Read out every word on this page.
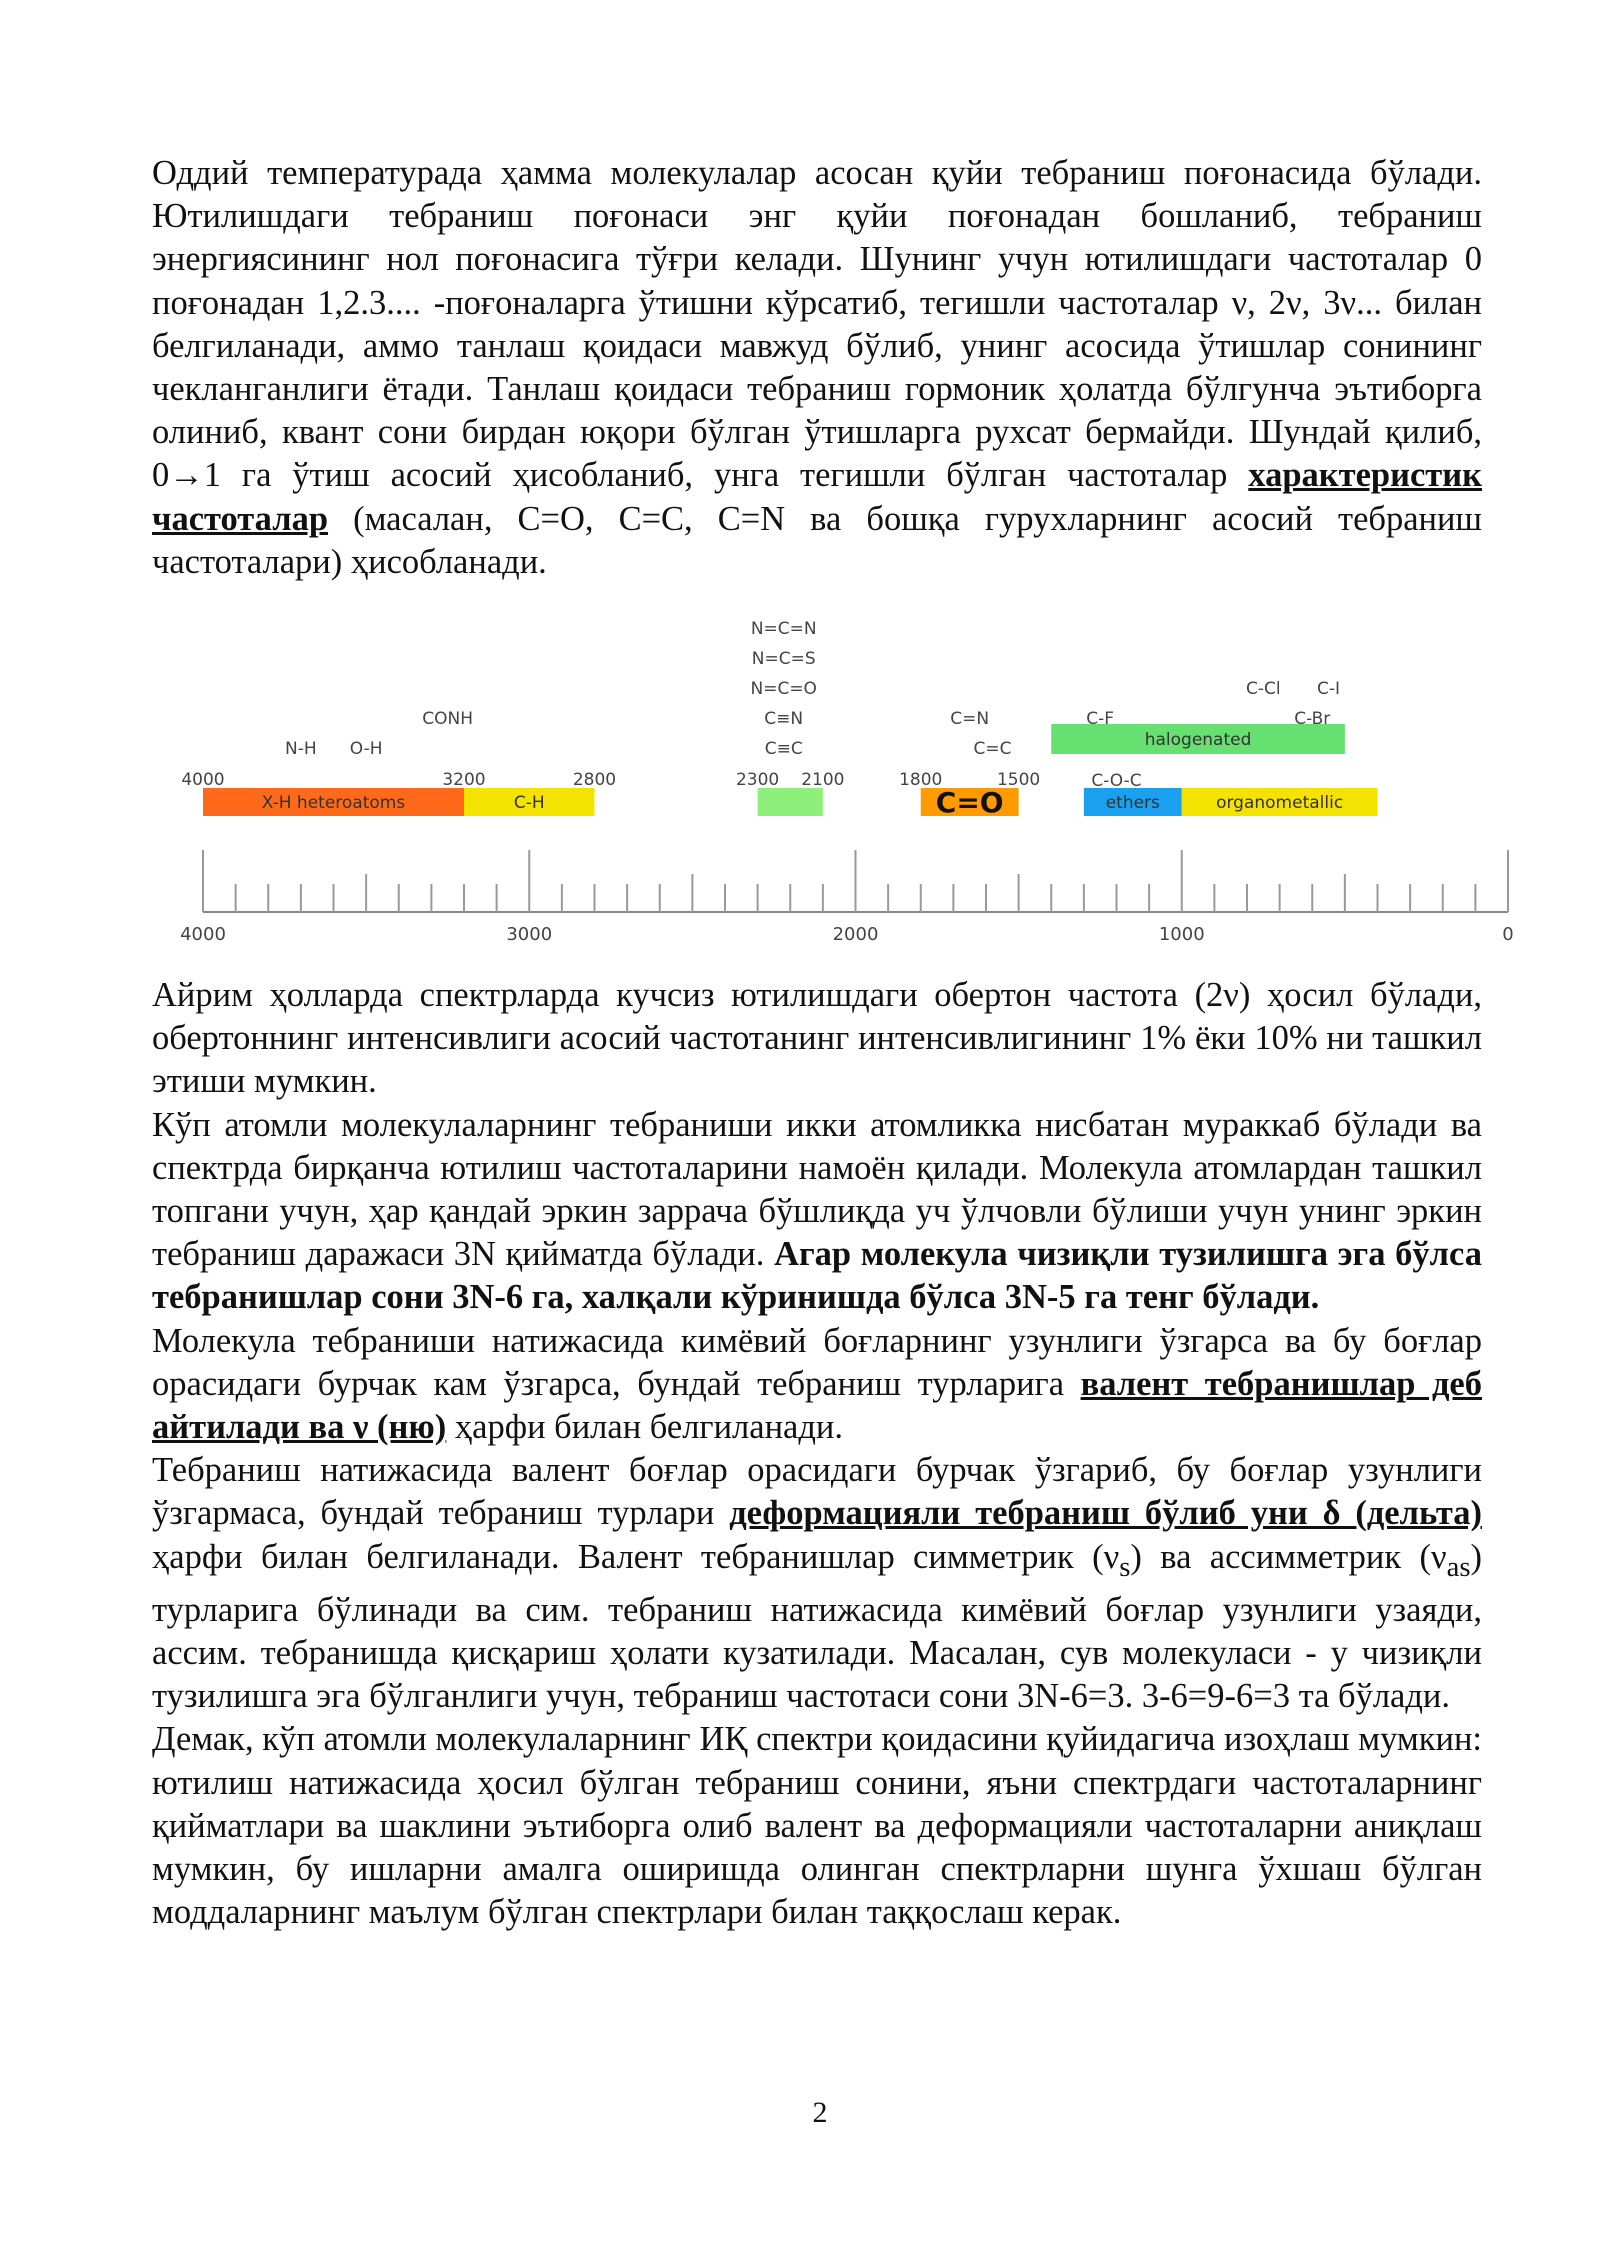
Оддий температурада ҳамма молекулалар асосан қуйи тебраниш поғонасида бўлади. Ютилишдаги тебраниш поғонаси энг қуйи поғонадан бошланиб, тебраниш энергиясининг нол поғонасига тўғри келади. Шунинг учун ютилишдаги частоталар 0 поғонадан 1,2.3.... -поғоналарга ўтишни кўрсатиб, тегишли частоталар ν, 2ν, 3ν... билан белгиланади, аммо танлаш қоидаси мавжуд бўлиб, унинг асосида ўтишлар сонининг чекланганлиги ётади. Танлаш қоидаси тебраниш гормоник ҳолатда бўлгунча эътиборга олиниб, квант сони бирдан юқори бўлган ўтишларга рухсат бермайди. Шундай қилиб, 0→1 га ўтиш асосий ҳисобланиб, унга тегишли бўлган частоталар характеристик частоталар (масалан, C=O, C=C, C=N ва бошқа гурухларнинг асосий тебраниш частоталари) ҳисобланади.

X-H heteroatoms	C-H	C=O
halogenated
ethers	organometallic
4000	3200	2800	2300 2100	1800	1500
N-H O-H
CONH
N=C=N
N=C=S
N=C=O
C≡N
C≡C
C=N
C=C
C-F
C-Cl C-I
C-Br
C-O-C
4000	3000	2000	1000	0

Айрим ҳолларда спектрларда кучсиз ютилишдаги обертон частота (2ν) ҳосил бўлади, обертоннинг интенсивлиги асосий частотанинг интенсивлигининг 1% ёки 10% ни ташкил этиши мумкин.

Кўп атомли молекулаларнинг тебраниши икки атомликка нисбатан мураккаб бўлади ва спектрда бирқанча ютилиш частоталарини намоён қилади. Молекула атомлардан ташкил топгани учун, ҳар қандай эркин заррача бўшлиқда уч ўлчовли бўлиши учун унинг эркин тебраниш даражаси 3N қийматда бўлади. Агар молекула чизиқли тузилишга эга бўлса тебранишлар сони 3N-6 га, халқали кўринишда бўлса 3N-5 га тенг бўлади.

Молекула тебраниши натижасида кимёвий боғларнинг узунлиги ўзгарса ва бу боғлар орасидаги бурчак кам ўзгарса, бундай тебраниш турларига валент тебранишлар деб айтилади ва ν (ню) ҳарфи билан белгиланади.

Тебраниш натижасида валент боғлар орасидаги бурчак ўзгариб, бу боғлар узунлиги ўзгармаса, бундай тебраниш турлари деформацияли тебраниш бўлиб уни δ (дельта) ҳарфи билан белгиланади. Валент тебранишлар симметрик $(\nu_s)$ ва ассимметрик $(\nu_{as})$ турларига бўлинади ва сим. тебраниш натижасида кимёвий боғлар узунлиги узаяди, ассим. тебранишда қисқариш ҳолати кузатилади. Масалан, сув молекуласи - у чизиқли тузилишга эга бўлганлиги учун, тебраниш частотаси сони 3N-6=3. 3-6=9-6=3 та бўлади.

Демак, кўп атомли молекулаларнинг ИҚ спектри қоидасини қуйидагича изоҳлаш мумкин: ютилиш натижасида ҳосил бўлган тебраниш сонини, яъни спектрдаги частоталарнинг қийматлари ва шаклини эътиборга олиб валент ва деформацияли частоталарни аниқлаш мумкин, бу ишларни амалга оширишда олинган спектрларни шунга ўхшаш бўлган моддаларнинг маълум бўлган спектрлари билан таққослаш керак.

2
